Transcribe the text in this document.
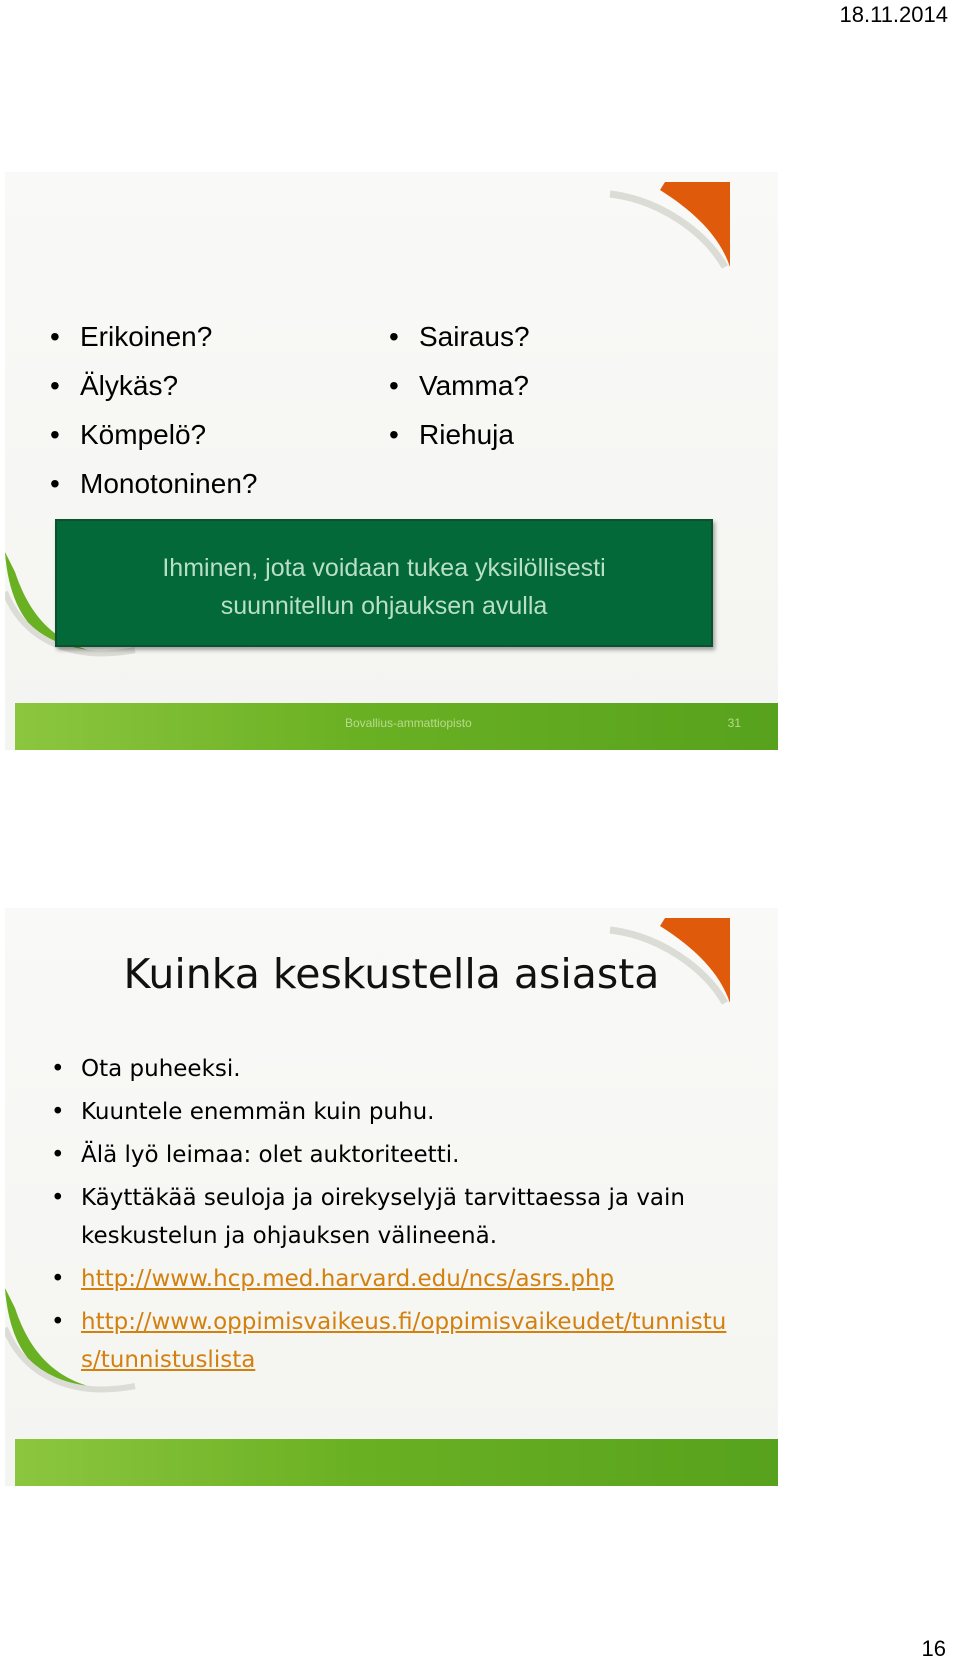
18.11.2014
• Erikoinen?
• Älykäs?
• Kömpelö?
• Monotoninen?
• Sairaus?
• Vamma?
• Riehuja
Ihminen, jota voidaan tukea yksilöllisesti
suunnitellun ohjauksen avulla
Bovallius-ammattiopisto	31
Kuinka keskustella asiasta
• Ota puheeksi.
• Kuuntele enemmän kuin puhu.
• Älä lyö leimaa: olet auktoriteetti.
• Käyttäkää seuloja ja oirekyselyjä tarvittaessa ja vain keskustelun ja ohjauksen välineenä.
• http://www.hcp.med.harvard.edu/ncs/asrs.php
• http://www.oppimisvaikeus.fi/oppimisvaikeudet/tunnistus/tunnistuslista
16
